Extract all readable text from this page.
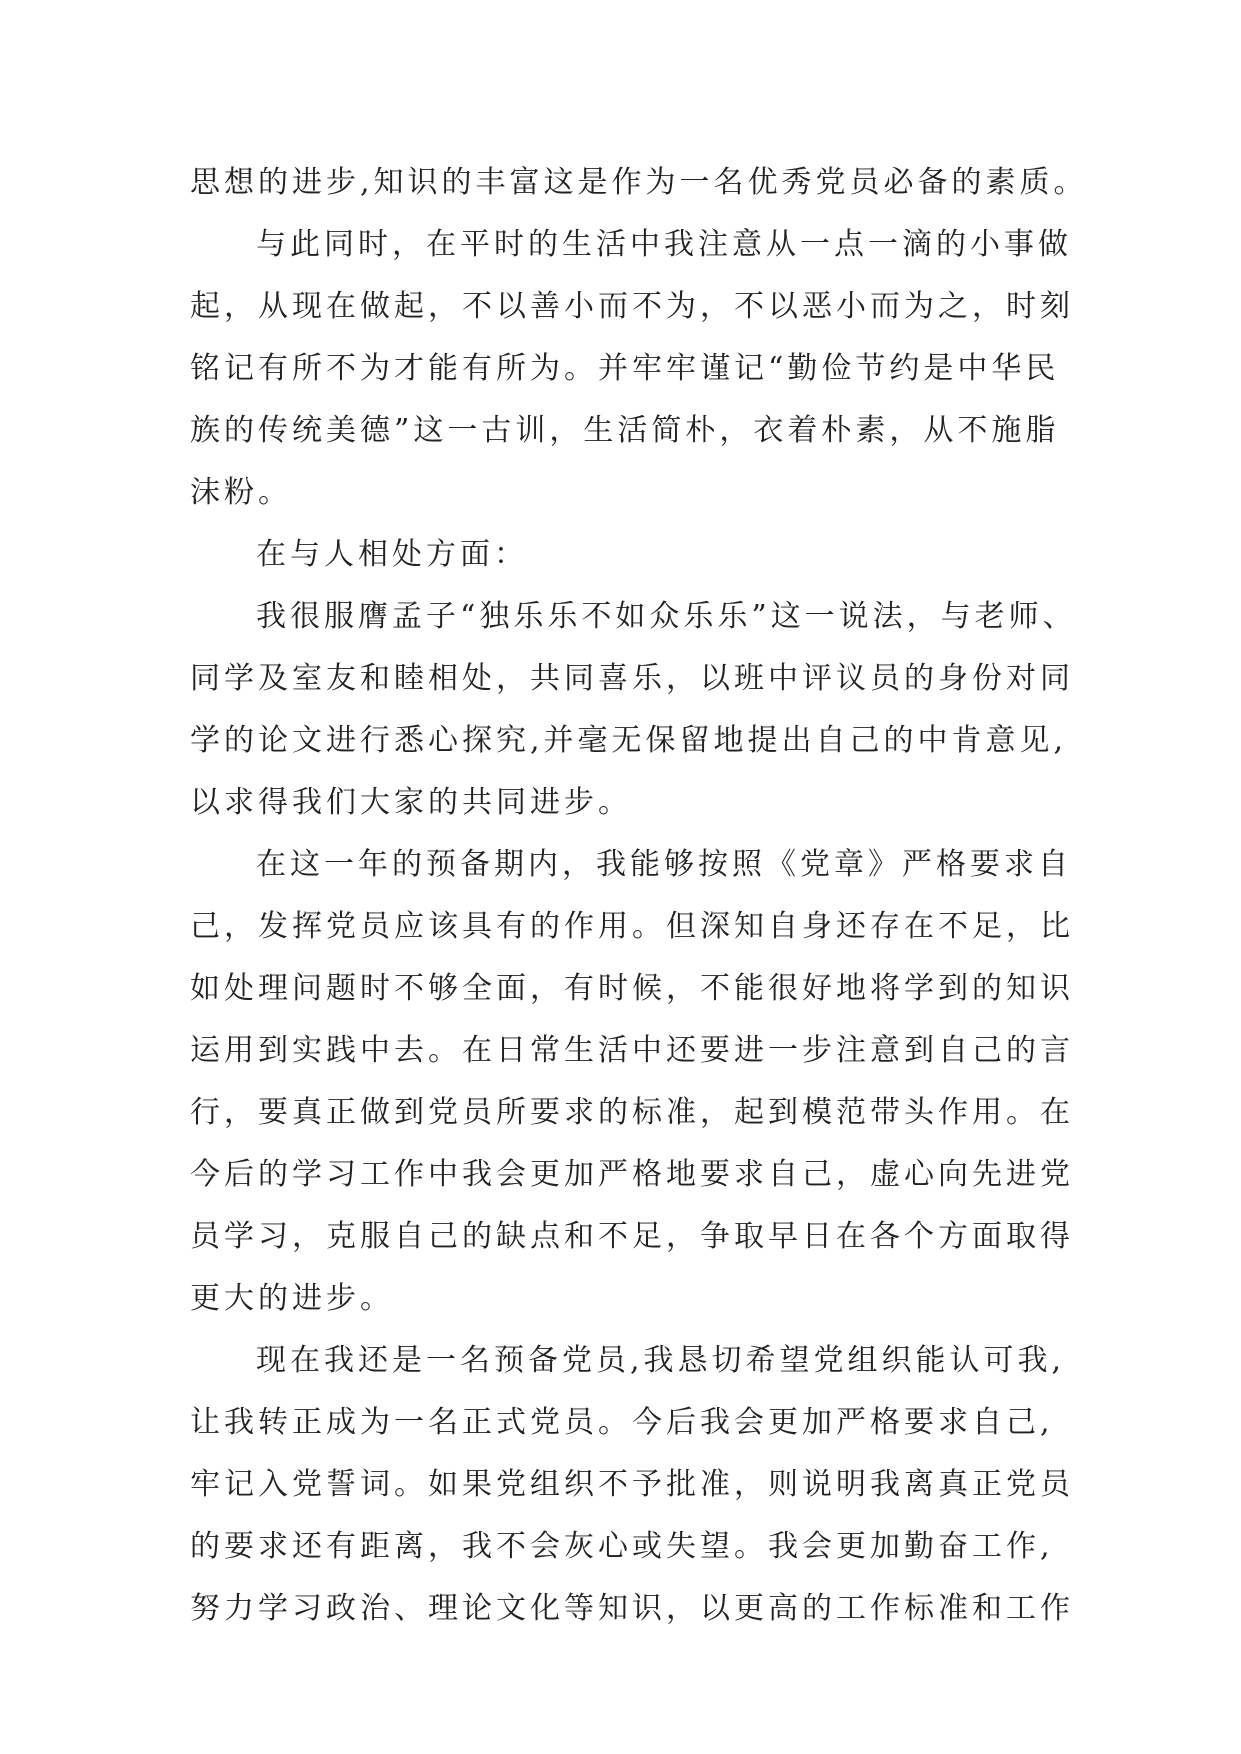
思想的进步,知识的丰富这是作为一名优秀党员必备的素质。
与此同时，在平时的生活中我注意从一点一滴的小事做
起，从现在做起，不以善小而不为，不以恶小而为之，时刻
铭记有所不为才能有所为。并牢牢谨记“勤俭节约是中华民
族的传统美德”这一古训，生活简朴，衣着朴素，从不施脂
沫粉。
在与人相处方面：
我很服膺孟子“独乐乐不如众乐乐”这一说法，与老师、
同学及室友和睦相处，共同喜乐，以班中评议员的身份对同
学的论文进行悉心探究,并毫无保留地提出自己的中肯意见,
以求得我们大家的共同进步。
在这一年的预备期内，我能够按照《党章》严格要求自
己，发挥党员应该具有的作用。但深知自身还存在不足，比
如处理问题时不够全面，有时候，不能很好地将学到的知识
运用到实践中去。在日常生活中还要进一步注意到自己的言
行，要真正做到党员所要求的标准，起到模范带头作用。在
今后的学习工作中我会更加严格地要求自己，虚心向先进党
员学习，克服自己的缺点和不足，争取早日在各个方面取得
更大的进步。
现在我还是一名预备党员,我恳切希望党组织能认可我,
让我转正成为一名正式党员。今后我会更加严格要求自己,
牢记入党誓词。如果党组织不予批准，则说明我离真正党员
的要求还有距离，我不会灰心或失望。我会更加勤奋工作,
努力学习政治、理论文化等知识，以更高的工作标准和工作
